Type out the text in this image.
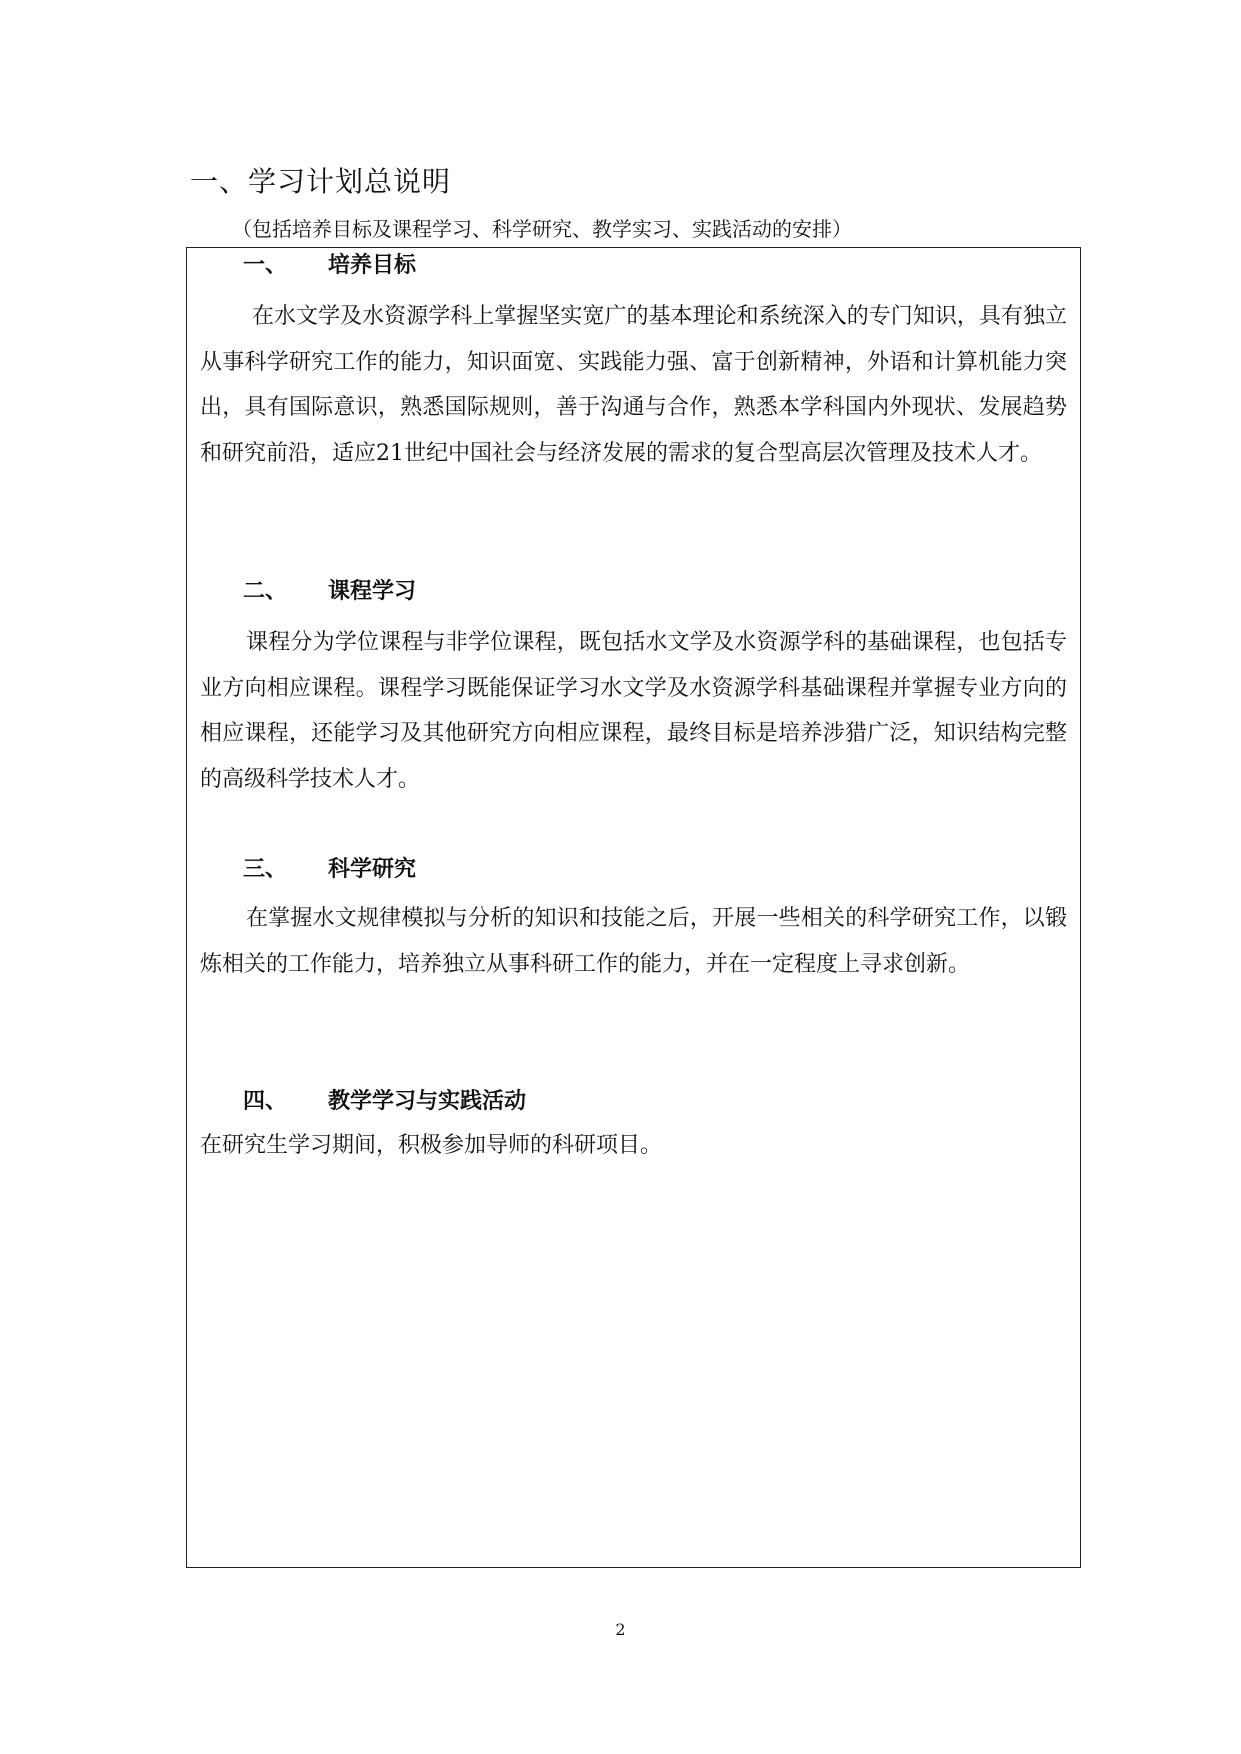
一、学习计划总说明
（包括培养目标及课程学习、科学研究、教学实习、实践活动的安排）
一、 培养目标

在水文学及水资源学科上掌握坚实宽广的基本理论和系统深入的专门知识，具有独立从事科学研究工作的能力，知识面宽、实践能力强、富于创新精神，外语和计算机能力突出，具有国际意识，熟悉国际规则，善于沟通与合作，熟悉本学科国内外现状、发展趋势和研究前沿，适应21世纪中国社会与经济发展的需求的复合型高层次管理及技术人才。

二、 课程学习

课程分为学位课程与非学位课程，既包括水文学及水资源学科的基础课程，也包括专业方向相应课程。课程学习既能保证学习水文学及水资源学科基础课程并掌握专业方向的相应课程，还能学习及其他研究方向相应课程，最终目标是培养涉猎广泛，知识结构完整的高级科学技术人才。

三、 科学研究

在掌握水文规律模拟与分析的知识和技能之后，开展一些相关的科学研究工作，以锻炼相关的工作能力，培养独立从事科研工作的能力，并在一定程度上寻求创新。

四、 教学学习与实践活动

在研究生学习期间，积极参加导师的科研项目。

2
